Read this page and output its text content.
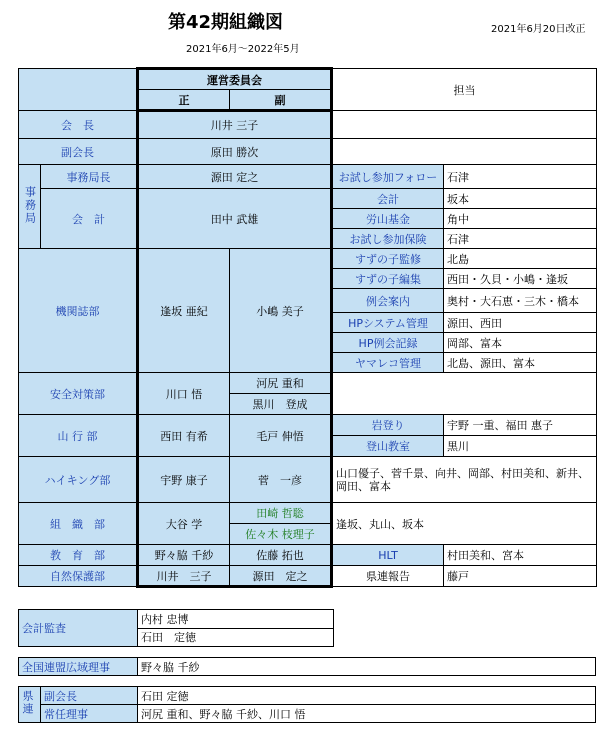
第42期組織図
2021年6月～2022年5月
2021年6月20日改正
		運営委員会		担当	
		正	副		
会　長		川井 三子			
副会長		原田 勝次			
事務局	事務局長	源田 定之		お試し参加フォロー	石津
	会　計	田中 武雄		会計	坂本
				労山基金	角中
				お試し参加保険	石津
機関誌部		逢坂 亜紀	小嶋 美子	すずの子監修	北島
				すずの子編集	西田・久貝・小嶋・逢坂
				例会案内	奥村・大石恵・三木・橋本
				HPシステム管理	源田、西田
				HP例会記録	岡部、富本
				ヤマレコ管理	北島、源田、富本
安全対策部		川口 悟	河尻 重和		
			黒川　登成		
山 行 部		西田 有希	毛戸 伸悟	岩登り	宇野 一重、福田 惠子
				登山教室	黒川
ハイキング部		宇野 康子	菅　一彦	山口優子、菅千景、向井、岡部、村田美和、新井、岡田、富本	
組　織　部		大谷 学	田崎 哲聡	逢坂、丸山、坂本	
			佐々木 枝理子		
教　育　部		野々脇 千紗	佐藤 拓也	HLT	村田美和、宮本
自然保護部		川井　三子	源田　定之	県連報告	藤戸
会計監査	内村 忠博
石田　定徳
全国連盟広域理事	野々脇 千紗
県連	副会長	石田 定徳
	常任理事	河尻 重和、野々脇 千紗、川口 悟
